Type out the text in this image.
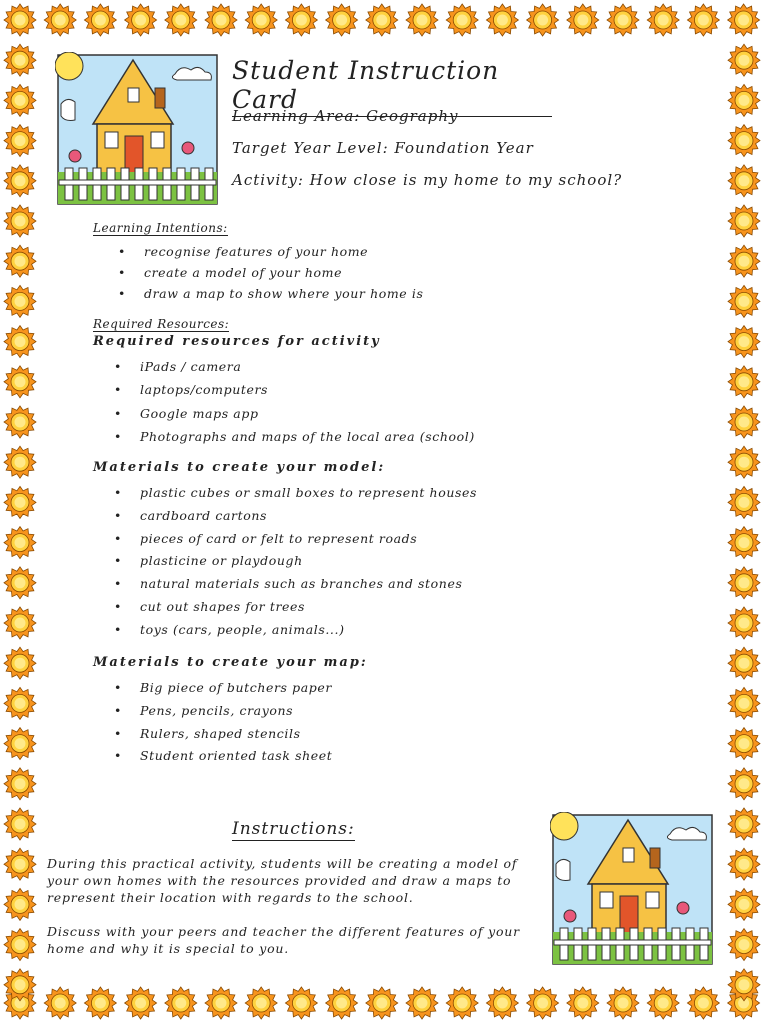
Student Instruction Card
Learning Area: Geography
Target Year Level: Foundation Year
Activity: How close is my home to my school?
Learning Intentions:
• recognise features of your home
• create a model of your home
• draw a map to show where your home is
Required Resources:
Required resources for activity
• iPads / camera
• laptops/computers
• Google maps app
• Photographs and maps of the local area (school)
Materials to create your model:
• plastic cubes or small boxes to represent houses
• cardboard cartons
• pieces of card or felt to represent roads
• plasticine or playdough
• natural materials such as branches and stones
• cut out shapes for trees
• toys (cars, people, animals...)
Materials to create your map:
• Big piece of butchers paper
• Pens, pencils, crayons
• Rulers, shaped stencils
• Student oriented task sheet
Instructions:

During this practical activity, students will be creating a model of your own homes with the resources provided and draw a maps to represent their location with regards to the school.

Discuss with your peers and teacher the different features of your home and why it is special to you.
